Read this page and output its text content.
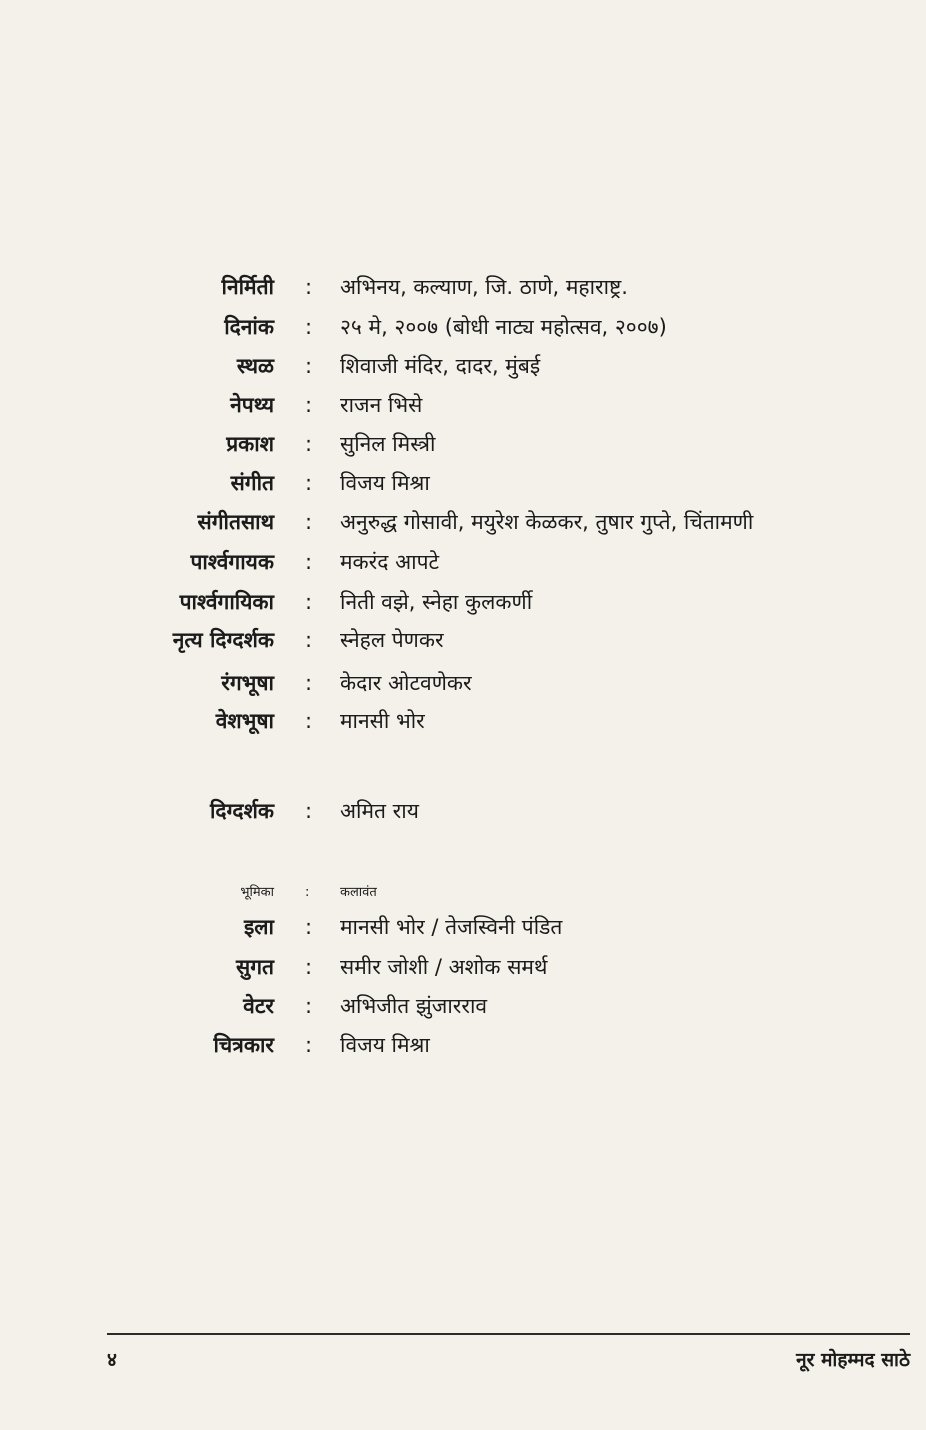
निर्मिती : अभिनय, कल्याण, जि. ठाणे, महाराष्ट्र.
दिनांक : २५ मे, २००७ (बोधी नाट्य महोत्सव, २००७)
स्थळ : शिवाजी मंदिर, दादर, मुंबई
नेपथ्य : राजन भिसे
प्रकाश : सुनिल मिस्त्री
संगीत : विजय मिश्रा
संगीतसाथ : अनुरुद्ध गोसावी, मयुरेश केळकर, तुषार गुप्ते, चिंतामणी
पार्श्वगायक : मकरंद आपटे
पार्श्वगायिका : निती वझे, स्नेहा कुलकर्णी
नृत्य दिग्दर्शक : स्नेहल पेणकर
रंगभूषा : केदार ओटवणेकर
वेशभूषा : मानसी भोर
दिग्दर्शक : अमित राय
भूमिका : कलावंत
इला : मानसी भोर / तेजस्विनी पंडित
सुगत : समीर जोशी / अशोक समर्थ
वेटर : अभिजीत झुंजारराव
चित्रकार : विजय मिश्रा
४	नूर मोहम्मद साठे
